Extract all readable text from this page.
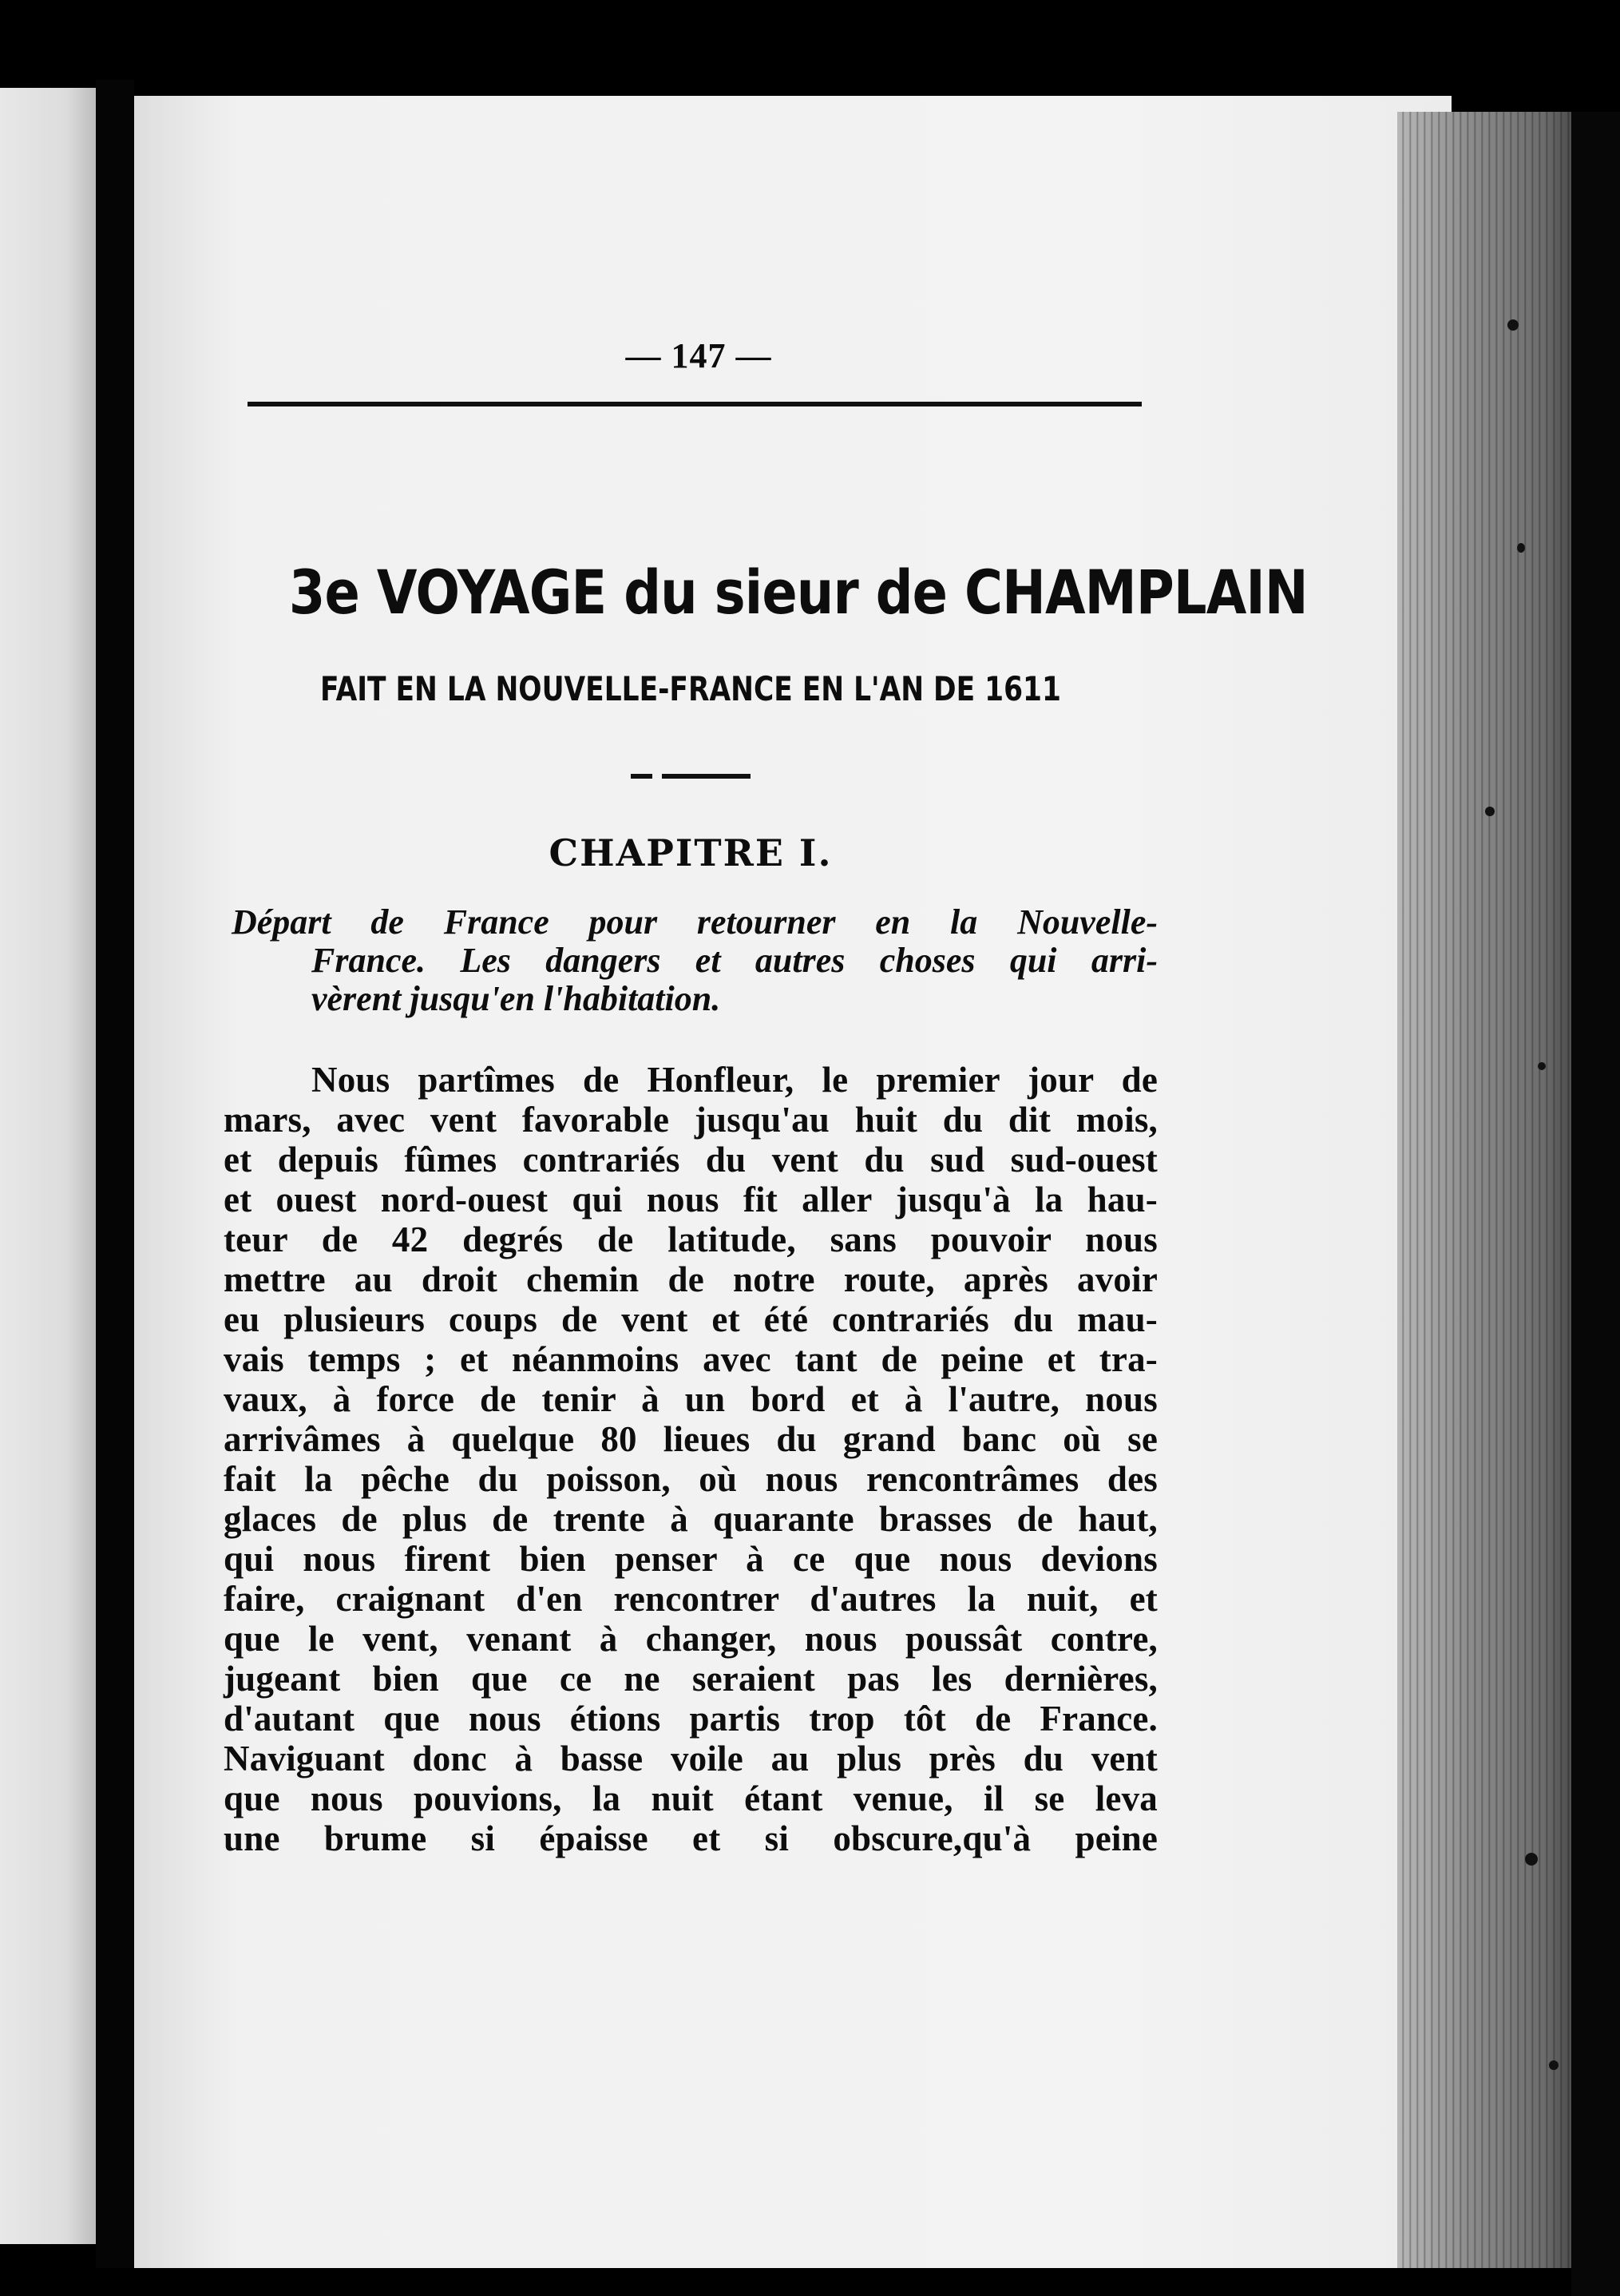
— 147 —

3e VOYAGE du sieur de CHAMPLAIN
FAIT EN LA NOUVELLE-FRANCE EN L'AN DE 1611
CHAPITRE I.
Départ de France pour retourner en la Nouvelle-
France. Les dangers et autres choses qui arri-
vèrent jusqu'en l'habitation.
Nous partîmes de Honfleur, le premier jour de
mars, avec vent favorable jusqu'au huit du dit mois,
et depuis fûmes contrariés du vent du sud sud-ouest
et ouest nord-ouest qui nous fit aller jusqu'à la hau-
teur de 42 degrés de latitude, sans pouvoir nous
mettre au droit chemin de notre route, après avoir
eu plusieurs coups de vent et été contrariés du mau-
vais temps ; et néanmoins avec tant de peine et tra-
vaux, à force de tenir à un bord et à l'autre, nous
arrivâmes à quelque 80 lieues du grand banc où se
fait la pêche du poisson, où nous rencontrâmes des
glaces de plus de trente à quarante brasses de haut,
qui nous firent bien penser à ce que nous devions
faire, craignant d'en rencontrer d'autres la nuit, et
que le vent, venant à changer, nous poussât contre,
jugeant bien que ce ne seraient pas les dernières,
d'autant que nous étions partis trop tôt de France.
Naviguant donc à basse voile au plus près du vent
que nous pouvions, la nuit étant venue, il se leva
une brume si épaisse et si obscure,qu'à peine
